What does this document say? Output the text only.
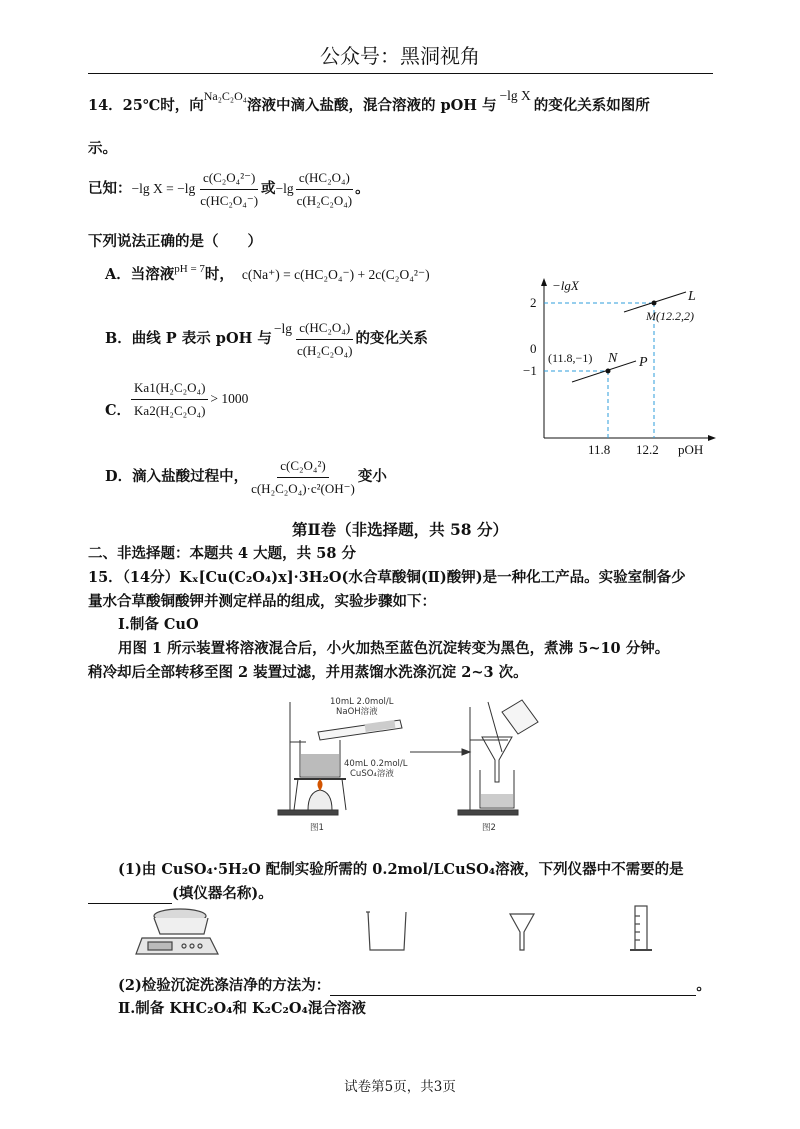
公众号：黑洞视角
14．25℃时，向$^{Na_2C_2O_4}$溶液中滴入盐酸，混合溶液的 pOH 与−lg X的变化关系如图所
示。
已知： −lg $X = -\lg \frac{\text{c(C₂O₄²⁻)}}{\text{c(HC₂O₄⁻)}}$ 或 $-\lg \frac{\text{c(HC₂O₄)}}{\text{c(H₂C₂O₄)}}$ 。
下列说法正确的是（　　）
A．当溶液 pH = 7 时， c(Na⁺) = c(HC₂O₄⁻) + 2c(C₂O₄²⁻)
B．曲线 P 表示 pOH 与
$-\lg \frac{\text{c(HC₂O₄)}}{\text{c(H₂C₂O₄)}}$ 的变化关系
C． $\frac{\text{Ka1(H₂C₂O₄)}}{\text{Ka2(H₂C₂O₄)}} > 1000$
D．滴入盐酸过程中， $\frac{\text{c(C₂O₄²)}}{\text{c(H₂C₂O₄)·c²(OH⁻)}}$ 变小
−lgX
pOH
2
0
−1
11.8 12.2
L
M(12.2,2)
(11.8,−1) N P
第Ⅱ卷（非选择题，共 58 分）
二、非选择题：本题共 4 大题，共 58 分
15．（14分）Kₓ[Cu(C₂O₄)x]·3H₂O(水合草酸铜(Ⅱ)酸钾)是一种化工产品。实验室制备少
量水合草酸铜酸钾并测定样品的组成，实验步骤如下：
Ⅰ.制备 CuO
用图 1 所示装置将溶液混合后，小火加热至蓝色沉淀转变为黑色，煮沸 5~10 分钟。
稍冷却后全部转移至图 2 装置过滤，并用蒸馏水洗涤沉淀 2~3 次。
10mL 2.0mol/L
NaOH溶液
40mL 0.2mol/L
CuSO₄溶液
图1	图2
(1)由 CuSO₄·5H₂O 配制实验所需的 0.2mol/LCuSO₄溶液，下列仪器中不需要的是
(填仪器名称)。
(2)检验沉淀洗涤洁净的方法为：	。
Ⅱ.制备 KHC₂O₄和 K₂C₂O₄混合溶液
试卷第5页，共3页
